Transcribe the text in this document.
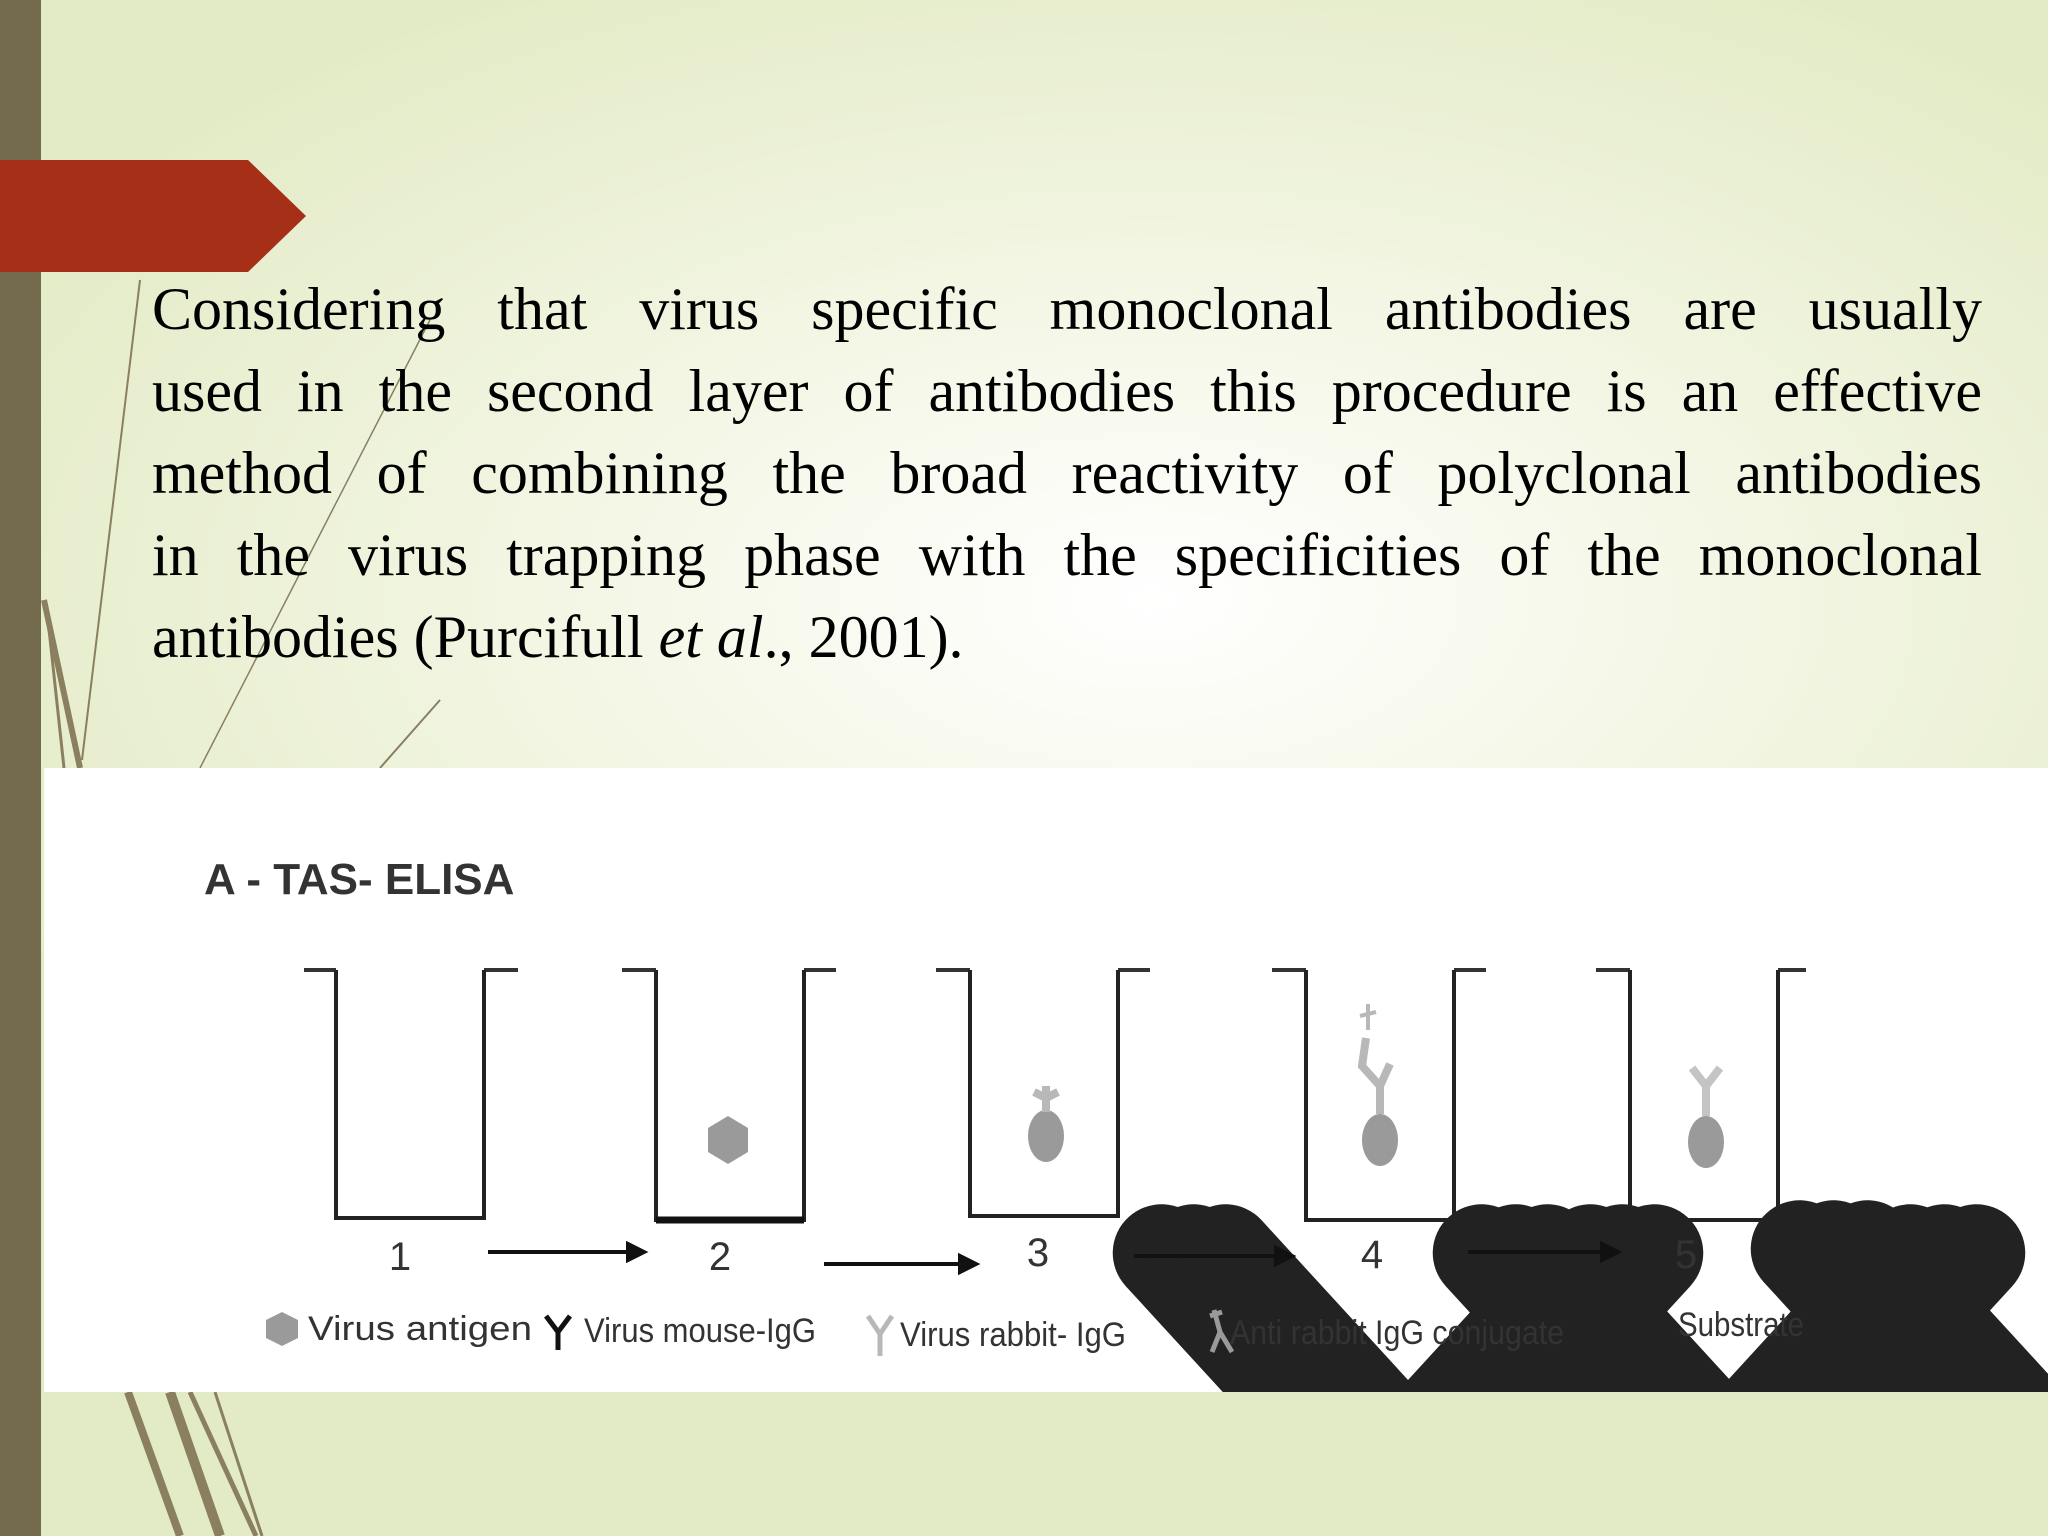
Considering that virus specific monoclonal antibodies are usually
used in the second layer of antibodies this procedure is an effective
method of combining the broad reactivity of polyclonal antibodies
in the virus trapping phase with the specificities of the monoclonal
antibodies (Purcifull et al., 2001).
A - TAS- ELISA
1	2	3	4	5
Virus antigen Virus mouse-IgG Virus rabbit- IgG	Anti rabbit IgG conjugate	Substrate
